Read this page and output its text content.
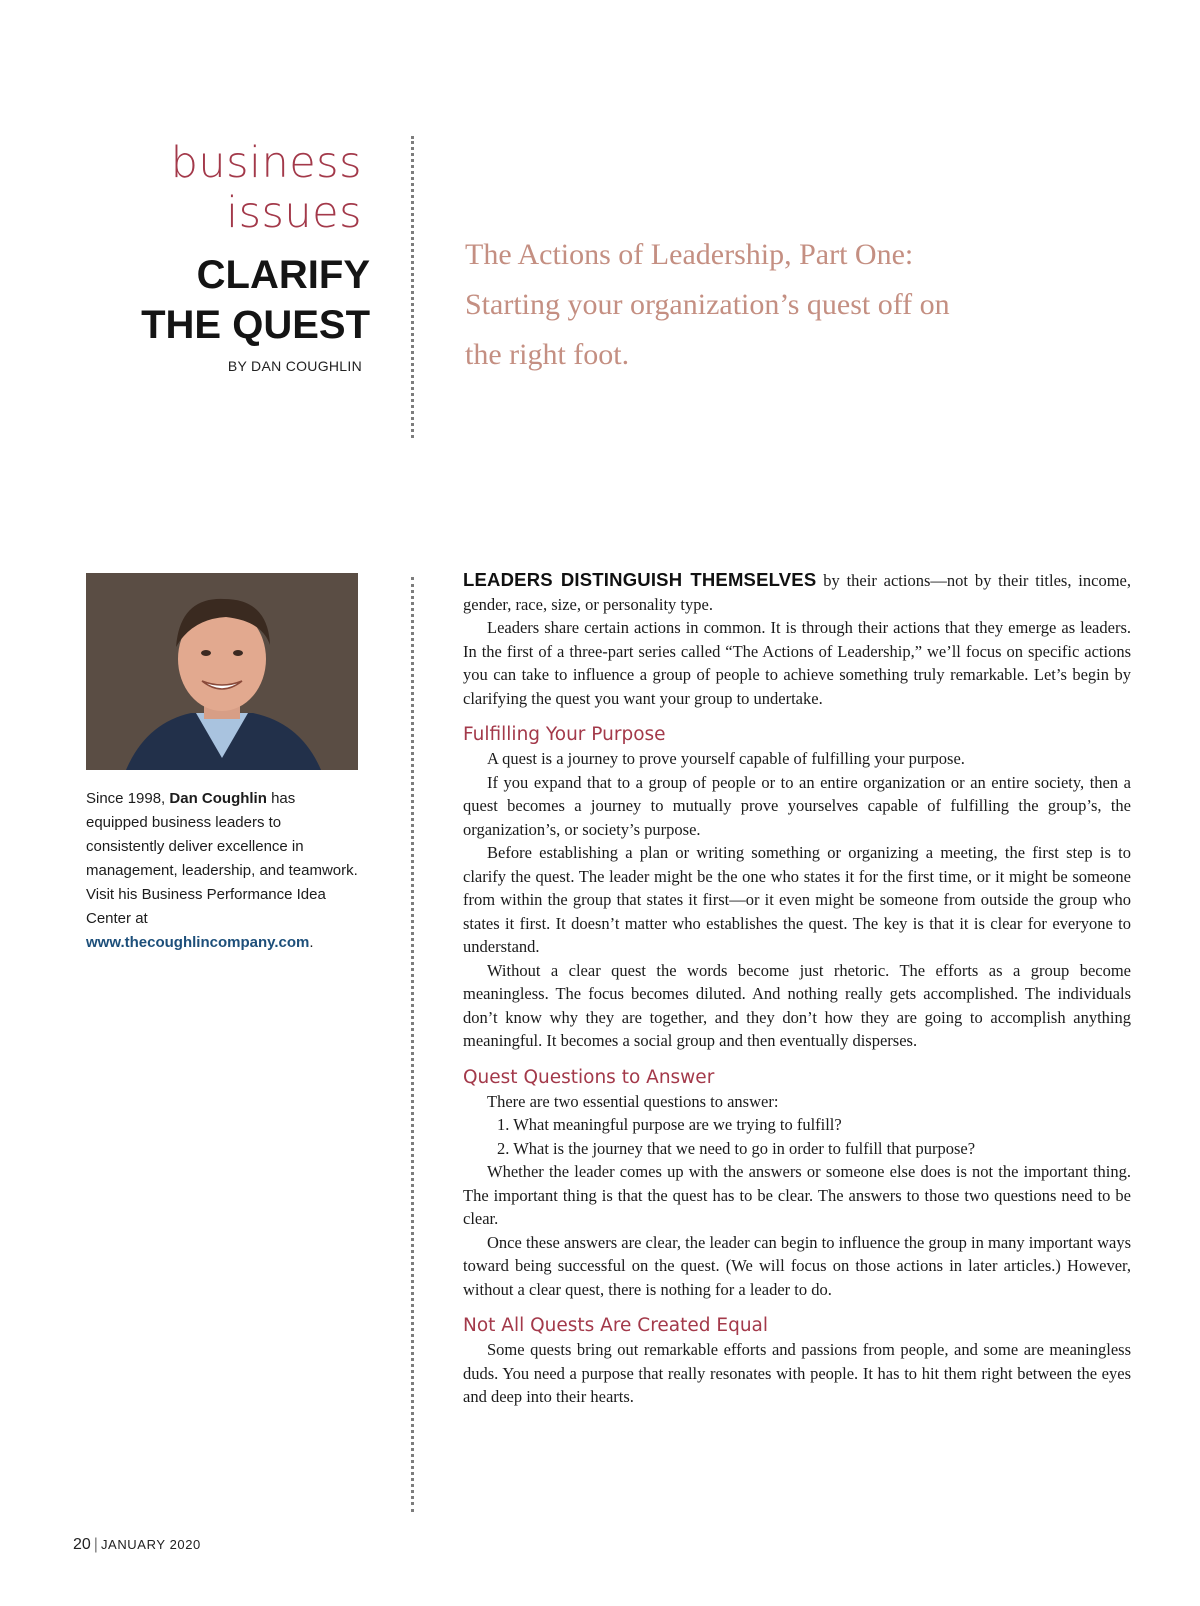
business
issues
CLARIFY
THE QUEST
BY DAN COUGHLIN
The Actions of Leadership, Part One: Starting your organization’s quest off on the right foot.
Since 1998, Dan Coughlin has equipped business leaders to consistently deliver excellence in management, leadership, and teamwork. Visit his Business Performance Idea Center at www.thecoughlincompany.com.

LEADERS DISTINGUISH THEMSELVES by their actions—not by their titles, income, gender, race, size, or personality type.

Leaders share certain actions in common. It is through their actions that they emerge as leaders. In the first of a three-part series called “The Actions of Leadership,” we’ll focus on specific actions you can take to influence a group of people to achieve something truly remarkable. Let’s begin by clarifying the quest you want your group to undertake.

Fulfilling Your Purpose

A quest is a journey to prove yourself capable of fulfilling your purpose.

If you expand that to a group of people or to an entire organization or an entire society, then a quest becomes a journey to mutually prove yourselves capable of fulfilling the group’s, the organization’s, or society’s purpose.

Before establishing a plan or writing something or organizing a meeting, the first step is to clarify the quest. The leader might be the one who states it for the first time, or it might be someone from within the group that states it first—or it even might be someone from outside the group who states it first. It doesn’t matter who establishes the quest. The key is that it is clear for everyone to understand.

Without a clear quest the words become just rhetoric. The efforts as a group become meaningless. The focus becomes diluted. And nothing really gets accomplished. The individuals don’t know why they are together, and they don’t how they are going to accomplish anything meaningful. It becomes a social group and then eventually disperses.

Quest Questions to Answer

There are two essential questions to answer:

1. What meaningful purpose are we trying to fulfill?

2. What is the journey that we need to go in order to fulfill that purpose?

Whether the leader comes up with the answers or someone else does is not the important thing. The important thing is that the quest has to be clear. The answers to those two questions need to be clear.

Once these answers are clear, the leader can begin to influence the group in many important ways toward being successful on the quest. (We will focus on those actions in later articles.) However, without a clear quest, there is nothing for a leader to do.

Not All Quests Are Created Equal

Some quests bring out remarkable efforts and passions from people, and some are meaningless duds. You need a purpose that really resonates with people. It has to hit them right between the eyes and deep into their hearts.

20 | JANUARY 2020
